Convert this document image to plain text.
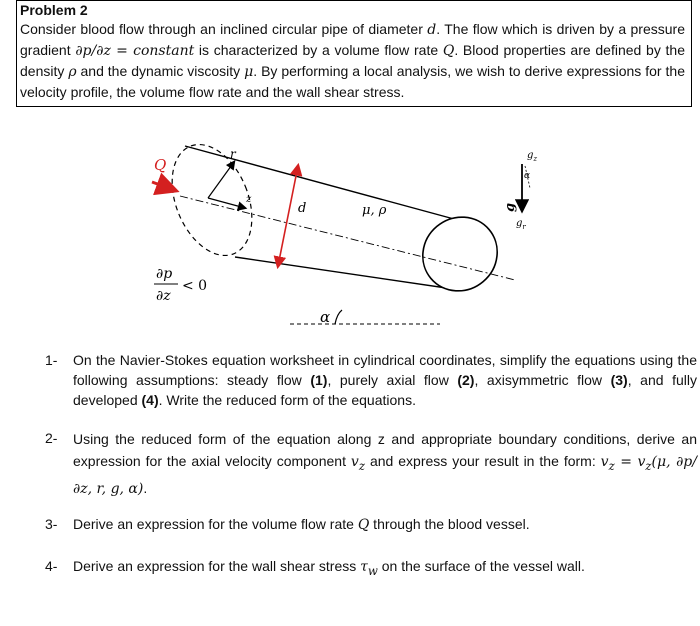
Problem 2
Consider blood flow through an inclined circular pipe of diameter d. The flow which is driven by a pressure gradient ∂p/∂z = constant is characterized by a volume flow rate Q. Blood properties are defined by the density ρ and the dynamic viscosity μ. By performing a local analysis, we wish to derive expressions for the velocity profile, the volume flow rate and the wall shear stress.
Q
r
z
d	μ, ρ	g
$g_z$
α
$g_r$
α
∂p
∂z
< 0
1- On the Navier-Stokes equation worksheet in cylindrical coordinates, simplify the equations using the following assumptions: steady flow (1), purely axial flow (2), axisymmetric flow (3), and fully developed (4). Write the reduced form of the equations.
2- Using the reduced form of the equation along z and appropriate boundary conditions, derive an expression for the axial velocity component $v_z$ and express your result in the form: $v_z = v_z(\mu$, ∂p/∂z, r, g, α).
3- Derive an expression for the volume flow rate Q through the blood vessel.
4- Derive an expression for the wall shear stress $\tau_w$ on the surface of the vessel wall.
